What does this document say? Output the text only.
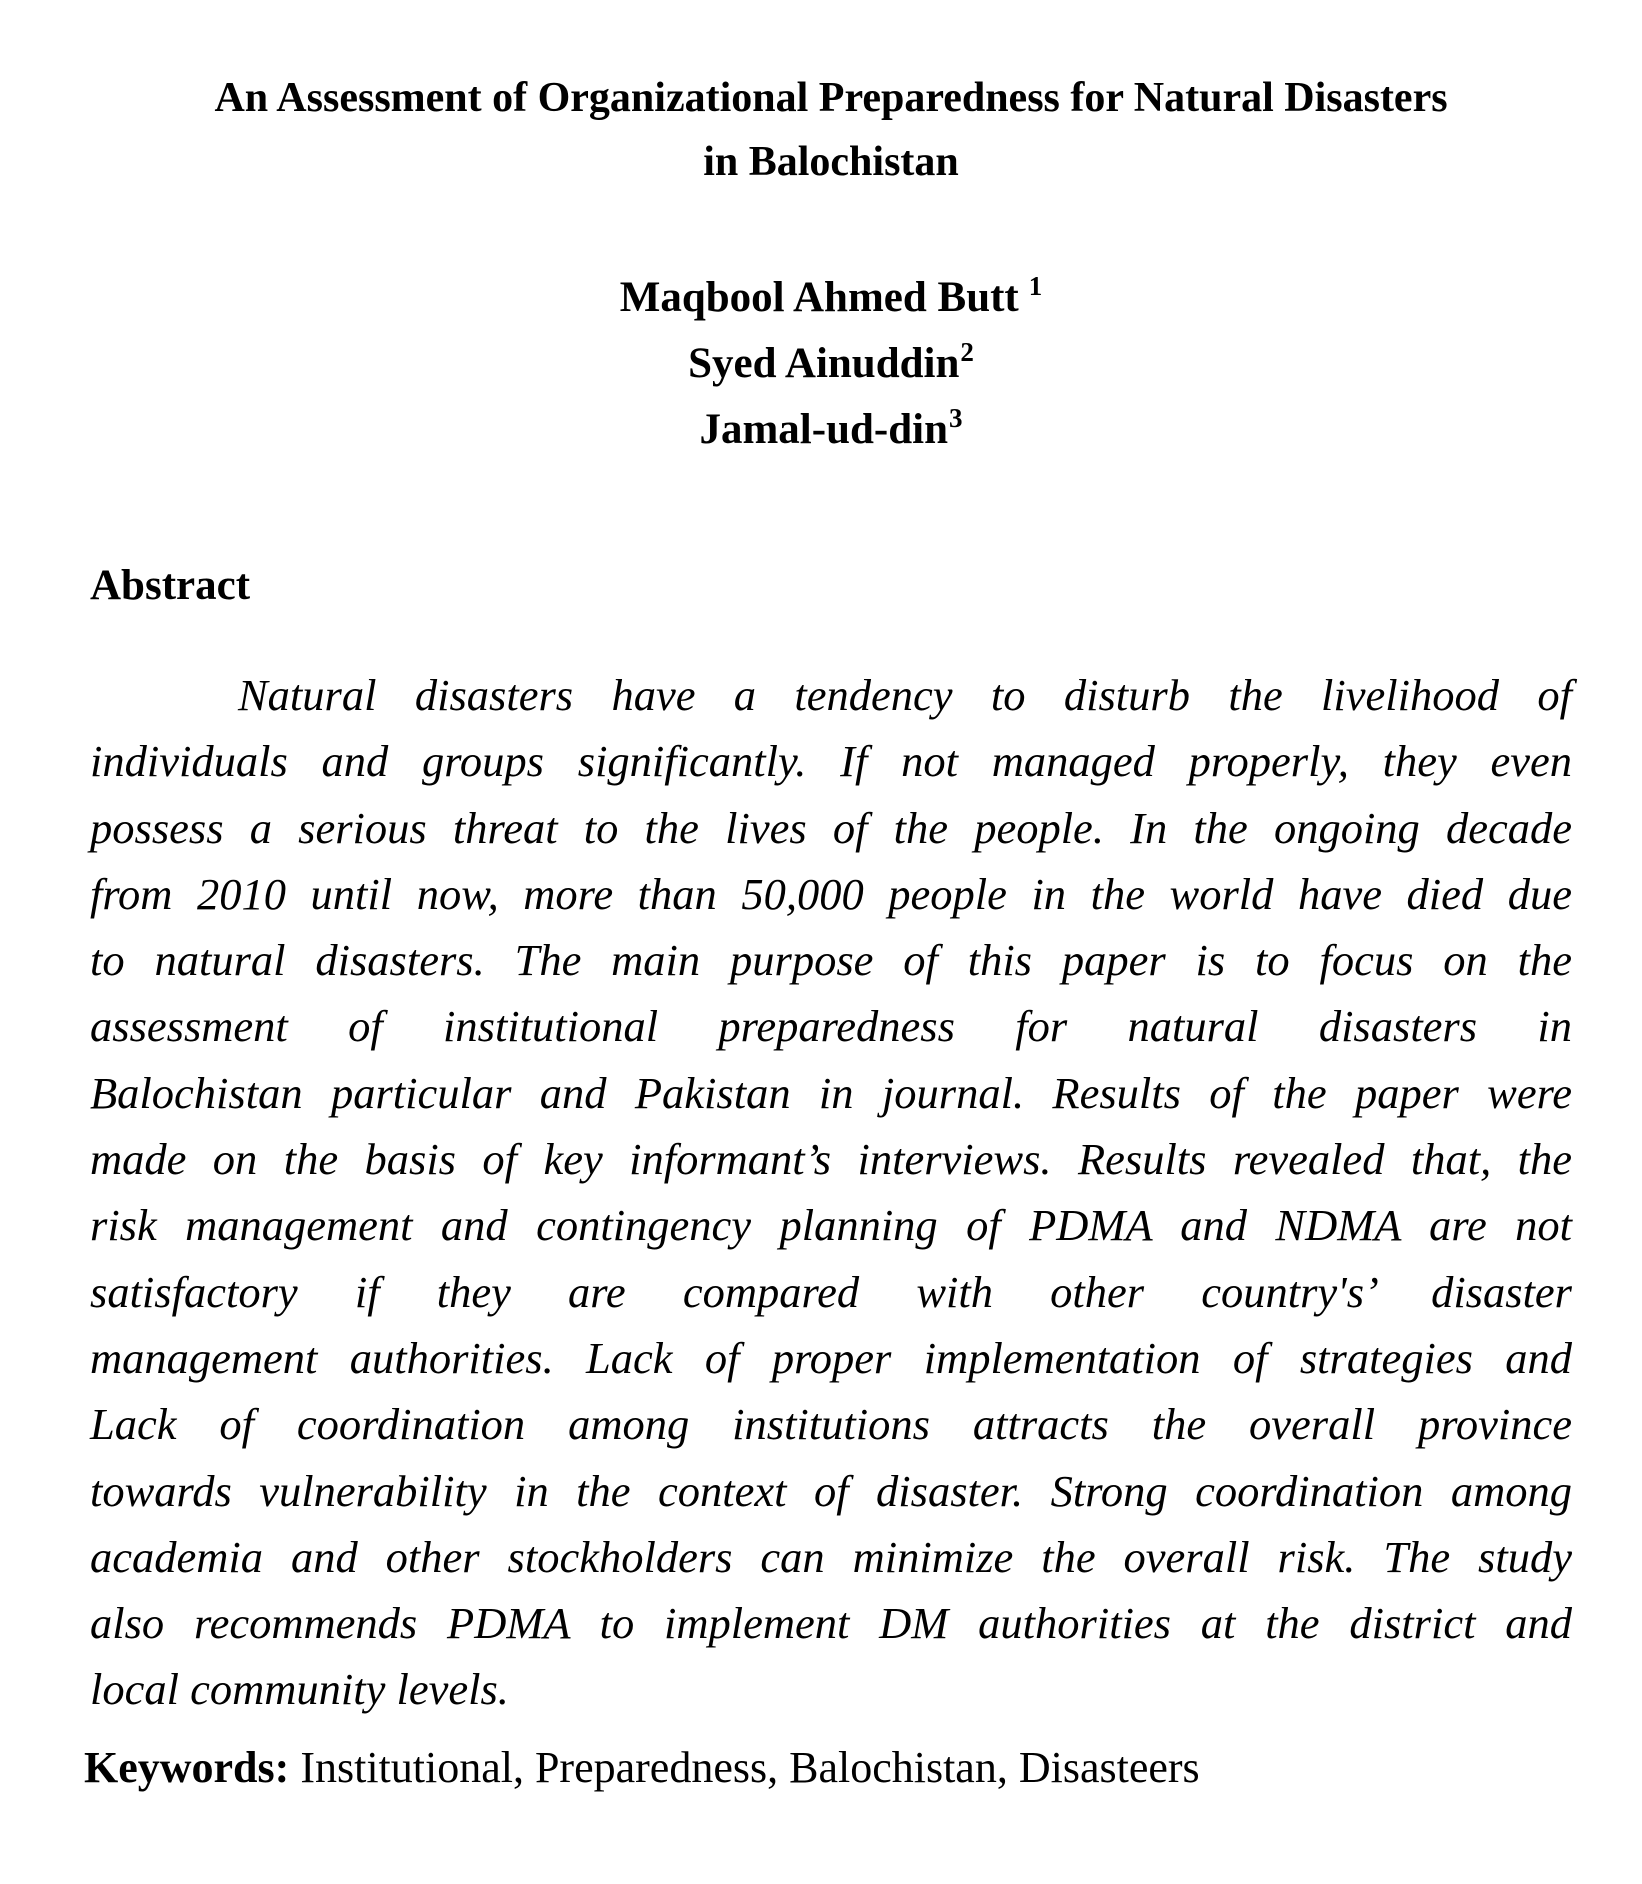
An Assessment of Organizational Preparedness for Natural Disasters
in Balochistan
Maqbool Ahmed Butt $^1$
Syed Ainuddin$^2$
Jamal-ud-din$^3$
Abstract
Natural disasters have a tendency to disturb the livelihood of
individuals and groups significantly. If not managed properly, they even
possess a serious threat to the lives of the people. In the ongoing decade
from 2010 until now, more than 50,000 people in the world have died due
to natural disasters. The main purpose of this paper is to focus on the
assessment of institutional preparedness for natural disasters in
Balochistan particular and Pakistan in journal. Results of the paper were
made on the basis of key informant’s interviews. Results revealed that, the
risk management and contingency planning of PDMA and NDMA are not
satisfactory if they are compared with other country's’ disaster
management authorities. Lack of proper implementation of strategies and
Lack of coordination among institutions attracts the overall province
towards vulnerability in the context of disaster. Strong coordination among
academia and other stockholders can minimize the overall risk. The study
also recommends PDMA to implement DM authorities at the district and
local community levels.

Keywords: Institutional, Preparedness, Balochistan, Disasteers
